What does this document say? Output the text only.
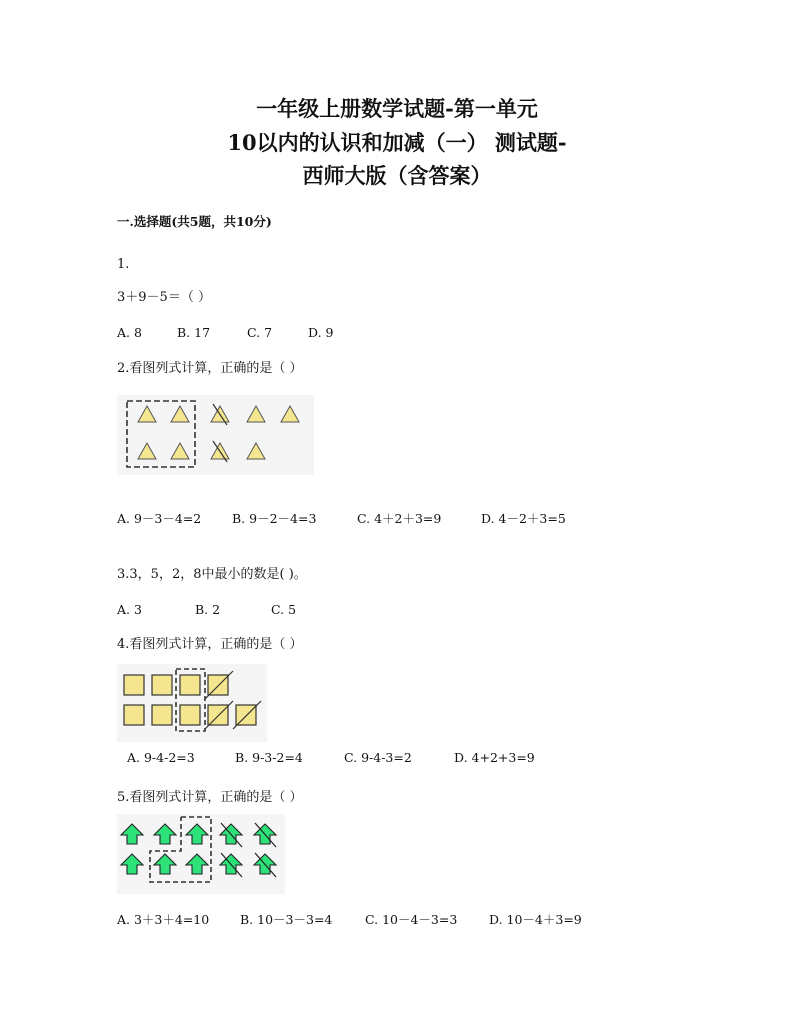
一年级上册数学试题-第一单元
10以内的认识和加减（一） 测试题-
西师大版（含答案）
一.选择题(共5题，共10分)
1.
3＋9－5＝（ ）
A. 8	B. 17	C. 7	D. 9
2.看图列式计算，正确的是（ ）
A. 9－3－4=2 B. 9－2－4=3	C. 4＋2＋3=9	D. 4－2＋3=5
3.3，5，2，8中最小的数是( )。
A. 3	B. 2	C. 5
4.看图列式计算，正确的是（ ）
A. 9-4-2=3	B. 9-3-2=4	C. 9-4-3=2	D. 4+2+3=9
5.看图列式计算，正确的是（ ）
A. 3＋3＋4=10 B. 10－3－3=4	C. 10－4－3=3	D. 10－4＋3=9
